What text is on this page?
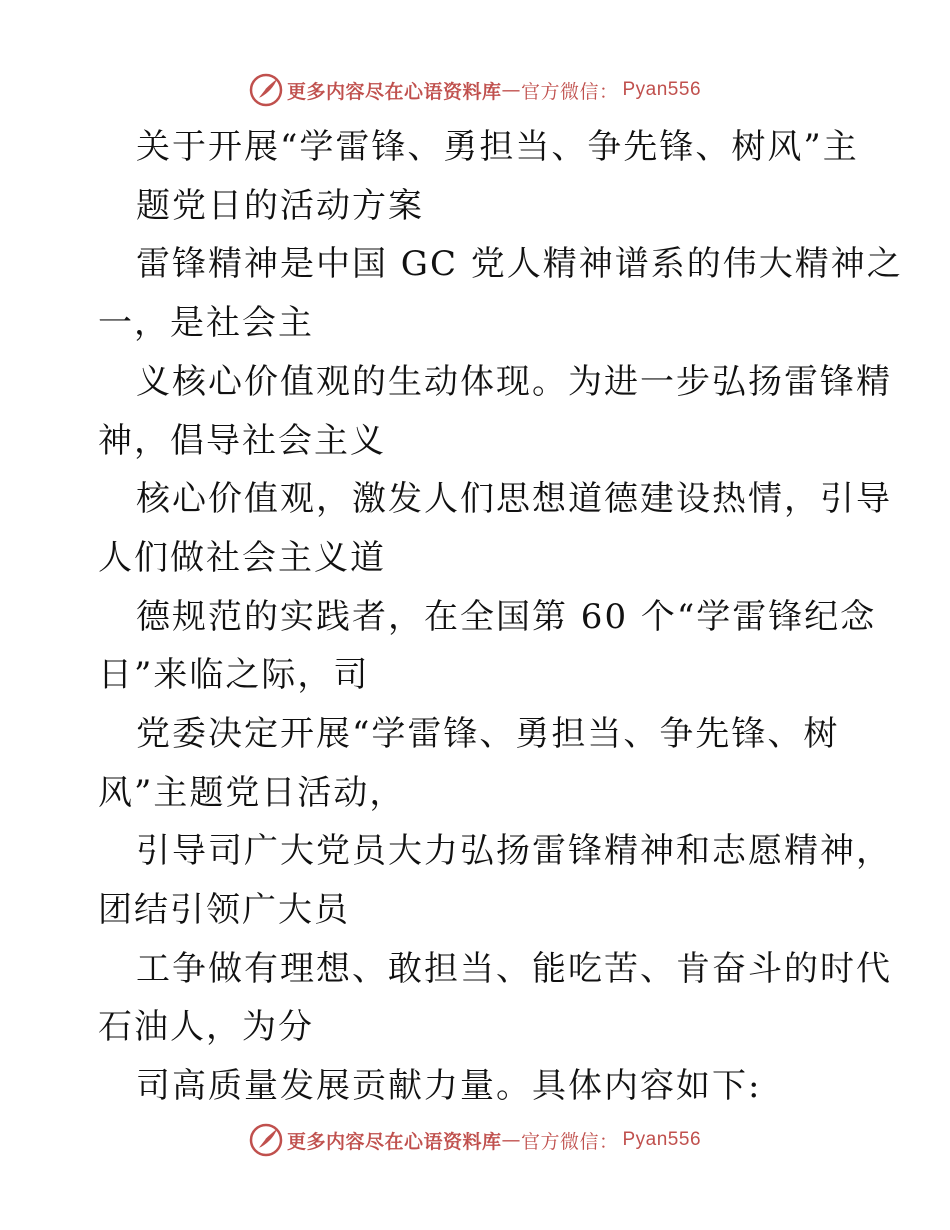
更多内容尽在心语资料库 — 官方微信： Pyan556
关于开展“学雷锋、勇担当、争先锋、树风”主
题党日的活动方案
雷锋精神是中国 GC 党人精神谱系的伟大精神之
一，是社会主
义核心价值观的生动体现。为进一步弘扬雷锋精
神，倡导社会主义
核心价值观，激发人们思想道德建设热情，引导
人们做社会主义道
德规范的实践者，在全国第 60 个“学雷锋纪念
日”来临之际，司
党委决定开展“学雷锋、勇担当、争先锋、树
风”主题党日活动，
引导司广大党员大力弘扬雷锋精神和志愿精神，
团结引领广大员
工争做有理想、敢担当、能吃苦、肯奋斗的时代
石油人，为分
司高质量发展贡献力量。具体内容如下:
更多内容尽在心语资料库 — 官方微信： Pyan556
